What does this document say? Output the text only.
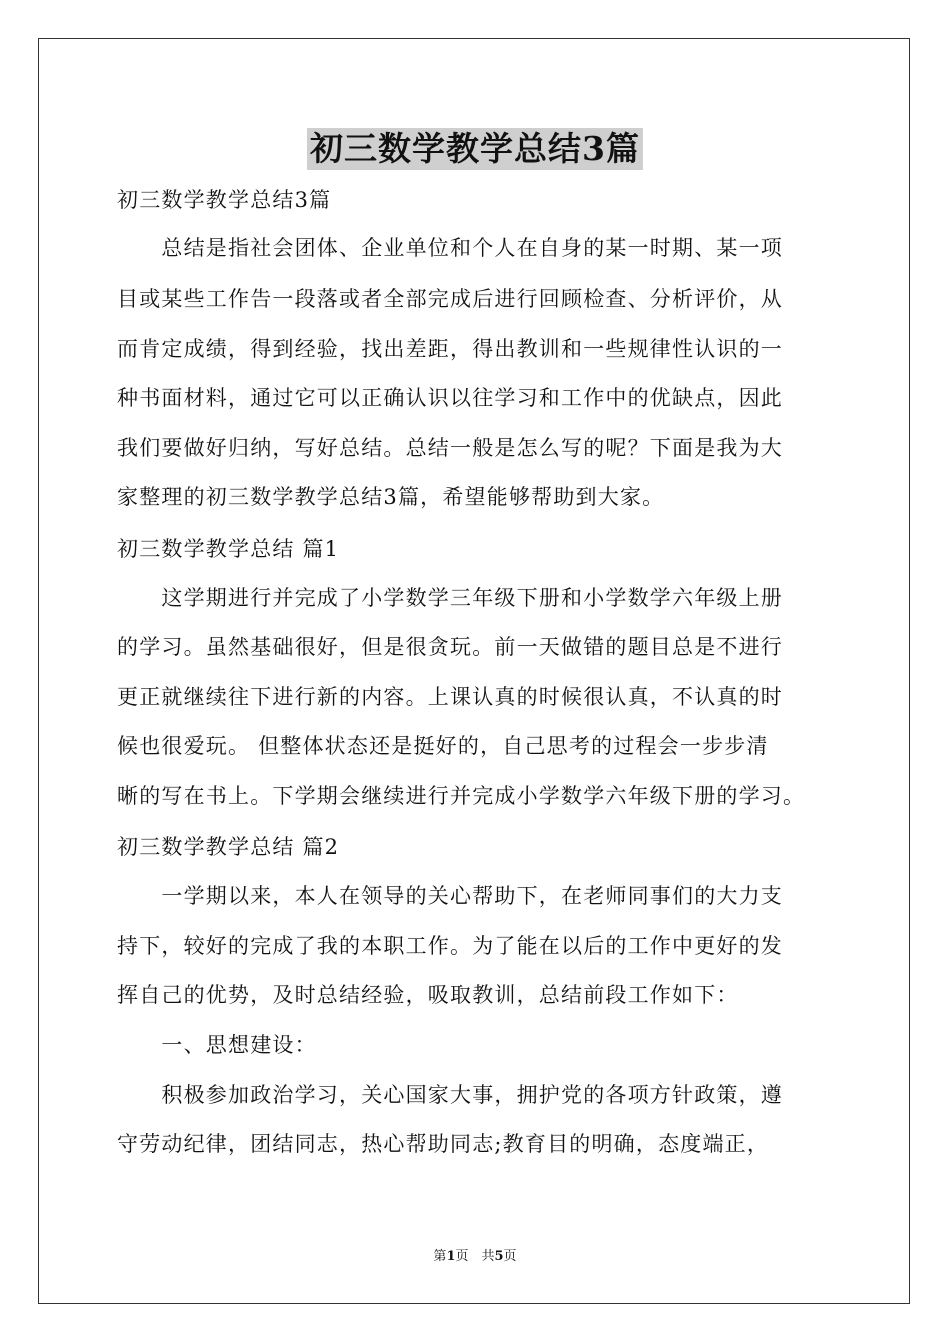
初三数学教学总结3篇
初三数学教学总结3篇
　　总结是指社会团体、企业单位和个人在自身的某一时期、某一项
目或某些工作告一段落或者全部完成后进行回顾检查、分析评价，从
而肯定成绩，得到经验，找出差距，得出教训和一些规律性认识的一
种书面材料，通过它可以正确认识以往学习和工作中的优缺点，因此
我们要做好归纳，写好总结。总结一般是怎么写的呢？下面是我为大
家整理的初三数学教学总结3篇，希望能够帮助到大家。
初三数学教学总结 篇1
　　这学期进行并完成了小学数学三年级下册和小学数学六年级上册
的学习。虽然基础很好，但是很贪玩。前一天做错的题目总是不进行
更正就继续往下进行新的内容。上课认真的时候很认真，不认真的时
候也很爱玩。 但整体状态还是挺好的，自己思考的过程会一步步清
晰的写在书上。下学期会继续进行并完成小学数学六年级下册的学习。
初三数学教学总结 篇2
　　一学期以来，本人在领导的关心帮助下，在老师同事们的大力支
持下，较好的完成了我的本职工作。为了能在以后的工作中更好的发
挥自己的优势，及时总结经验，吸取教训，总结前段工作如下：
　　一、思想建设：
　　积极参加政治学习，关心国家大事，拥护党的各项方针政策，遵
守劳动纪律，团结同志，热心帮助同志;教育目的明确，态度端正，
第1页　共5页
